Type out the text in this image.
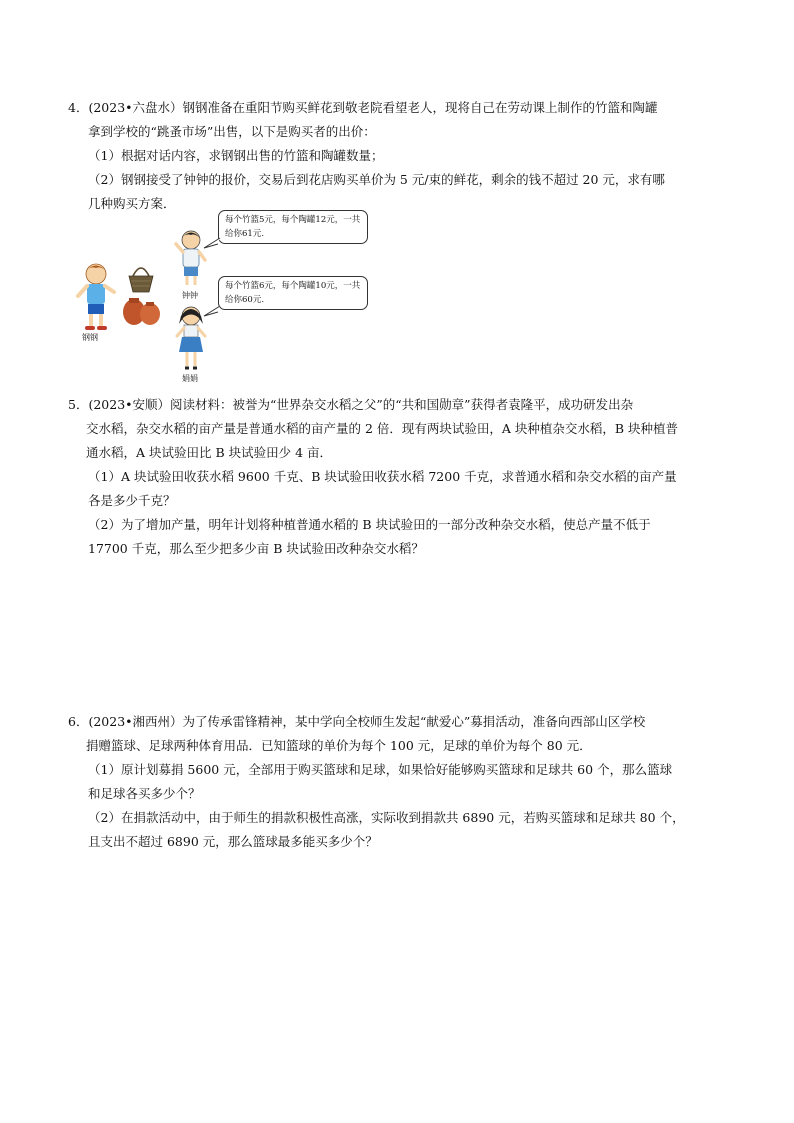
4．(2023•六盘水）钢钢准备在重阳节购买鲜花到敬老院看望老人，现将自己在劳动课上制作的竹篮和陶罐

拿到学校的“跳蚤市场”出售，以下是购买者的出价：

（1）根据对话内容，求钢钢出售的竹篮和陶罐数量；

（2）钢钢接受了钟钟的报价，交易后到花店购买单价为 5 元/束的鲜花，剩余的钱不超过 20 元，求有哪

几种购买方案．

每个竹篮5元，每个陶罐12元，一共
给你61元.
每个竹篮6元，每个陶罐10元，一共
给你60元.
钢钢
钟钟
娟娟

5．(2023•安顺）阅读材料：被誉为“世界杂交水稻之父”的“共和国勋章”获得者袁隆平，成功研发出杂

交水稻，杂交水稻的亩产量是普通水稻的亩产量的 2 倍．现有两块试验田，A 块种植杂交水稻，B 块种植普

通水稻，A 块试验田比 B 块试验田少 4 亩．

（1）A 块试验田收获水稻 9600 千克、B 块试验田收获水稻 7200 千克，求普通水稻和杂交水稻的亩产量

各是多少千克？

（2）为了增加产量，明年计划将种植普通水稻的 B 块试验田的一部分改种杂交水稻，使总产量不低于

17700 千克，那么至少把多少亩 B 块试验田改种杂交水稻？

6．(2023•湘西州）为了传承雷锋精神，某中学向全校师生发起“献爱心”募捐活动，准备向西部山区学校

捐赠篮球、足球两种体育用品．已知篮球的单价为每个 100 元，足球的单价为每个 80 元．

（1）原计划募捐 5600 元，全部用于购买篮球和足球，如果恰好能够购买篮球和足球共 60 个，那么篮球

和足球各买多少个？

（2）在捐款活动中，由于师生的捐款积极性高涨，实际收到捐款共 6890 元，若购买篮球和足球共 80 个，

且支出不超过 6890 元，那么篮球最多能买多少个？
